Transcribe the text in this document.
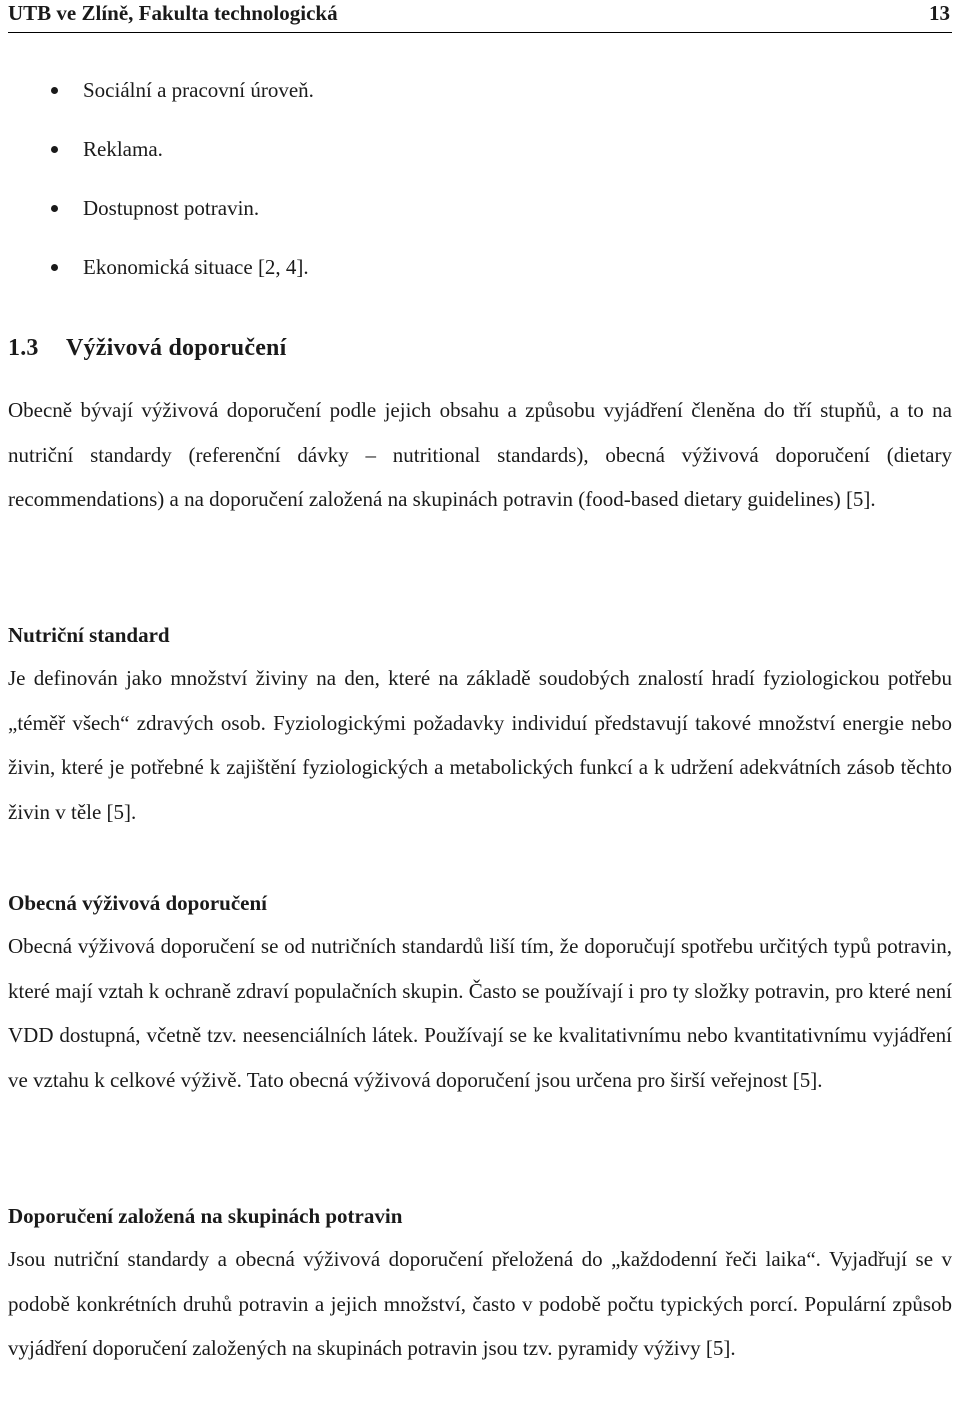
UTB ve Zlíně, Fakulta technologická	13
Sociální a pracovní úroveň.
Reklama.
Dostupnost potravin.
Ekonomická situace [2, 4].
1.3 Výživová doporučení

Obecně bývají výživová doporučení podle jejich obsahu a způsobu vyjádření členěna do tří stupňů, a to na nutriční standardy (referenční dávky – nutritional standards), obecná výživová doporučení (dietary recommendations) a na doporučení založená na skupinách potravin (food-based dietary guidelines) [5].

Nutriční standard

Je definován jako množství živiny na den, které na základě soudobých znalostí hradí fyziologickou potřebu „téměř všech“ zdravých osob. Fyziologickými požadavky individuí představují takové množství energie nebo živin, které je potřebné k zajištění fyziologických a metabolických funkcí a k udržení adekvátních zásob těchto živin v těle [5].

Obecná výživová doporučení

Obecná výživová doporučení se od nutričních standardů liší tím, že doporučují spotřebu určitých typů potravin, které mají vztah k ochraně zdraví populačních skupin. Často se používají i pro ty složky potravin, pro které není VDD dostupná, včetně tzv. neesenciálních látek. Používají se ke kvalitativnímu nebo kvantitativnímu vyjádření ve vztahu k celkové výživě. Tato obecná výživová doporučení jsou určena pro širší veřejnost [5].

Doporučení založená na skupinách potravin

Jsou nutriční standardy a obecná výživová doporučení přeložená do „každodenní řeči laika“. Vyjadřují se v podobě konkrétních druhů potravin a jejich množství, často v podobě počtu typických porcí. Populární způsob vyjádření doporučení založených na skupinách potravin jsou tzv. pyramidy výživy [5].
